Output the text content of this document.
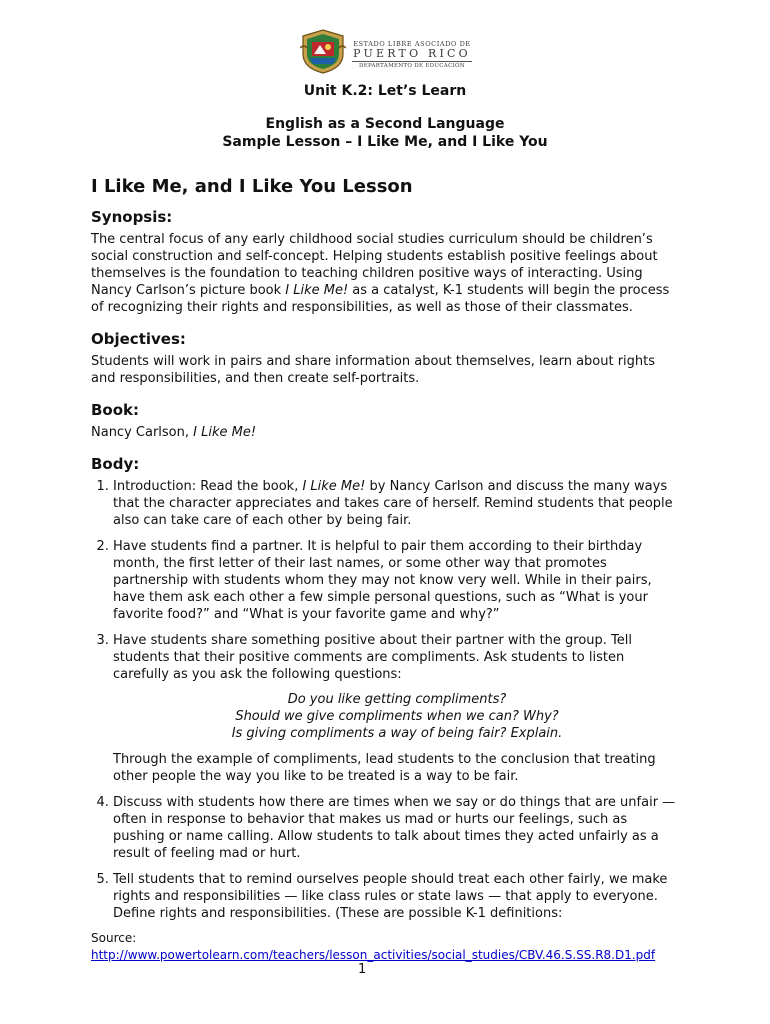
ESTADO LIBRE ASOCIADO DE
PUERTO RICO
DEPARTAMENTO DE EDUCACIÓN
Unit K.2: Let’s Learn
English as a Second Language
Sample Lesson – I Like Me, and I Like You
I Like Me, and I Like You Lesson
Synopsis:

The central focus of any early childhood social studies curriculum should be children’s social construction and self-concept. Helping students establish positive feelings about themselves is the foundation to teaching children positive ways of interacting. Using Nancy Carlson’s picture book I Like Me! as a catalyst, K-1 students will begin the process of recognizing their rights and responsibilities, as well as those of their classmates.

Objectives:

Students will work in pairs and share information about themselves, learn about rights and responsibilities, and then create self-portraits.

Book:

Nancy Carlson, I Like Me!

Body:
1. Introduction: Read the book, I Like Me! by Nancy Carlson and discuss the many ways that the character appreciates and takes care of herself. Remind students that people also can take care of each other by being fair.
2. Have students find a partner. It is helpful to pair them according to their birthday month, the first letter of their last names, or some other way that promotes partnership with students whom they may not know very well. While in their pairs, have them ask each other a few simple personal questions, such as “What is your favorite food?” and “What is your favorite game and why?”
3. Have students share something positive about their partner with the group. Tell students that their positive comments are compliments. Ask students to listen carefully as you ask the following questions:
Do you like getting compliments?
Should we give compliments when we can? Why?
Is giving compliments a way of being fair? Explain.
Through the example of compliments, lead students to the conclusion that treating other people the way you like to be treated is a way to be fair.
4. Discuss with students how there are times when we say or do things that are unfair — often in response to behavior that makes us mad or hurts our feelings, such as pushing or name calling. Allow students to talk about times they acted unfairly as a result of feeling mad or hurt.
5. Tell students that to remind ourselves people should treat each other fairly, we make rights and responsibilities — like class rules or state laws — that apply to everyone. Define rights and responsibilities. (These are possible K-1 definitions:
Source:
http://www.powertolearn.com/teachers/lesson_activities/social_studies/CBV.46.S.SS.R8.D1.pdf
1
